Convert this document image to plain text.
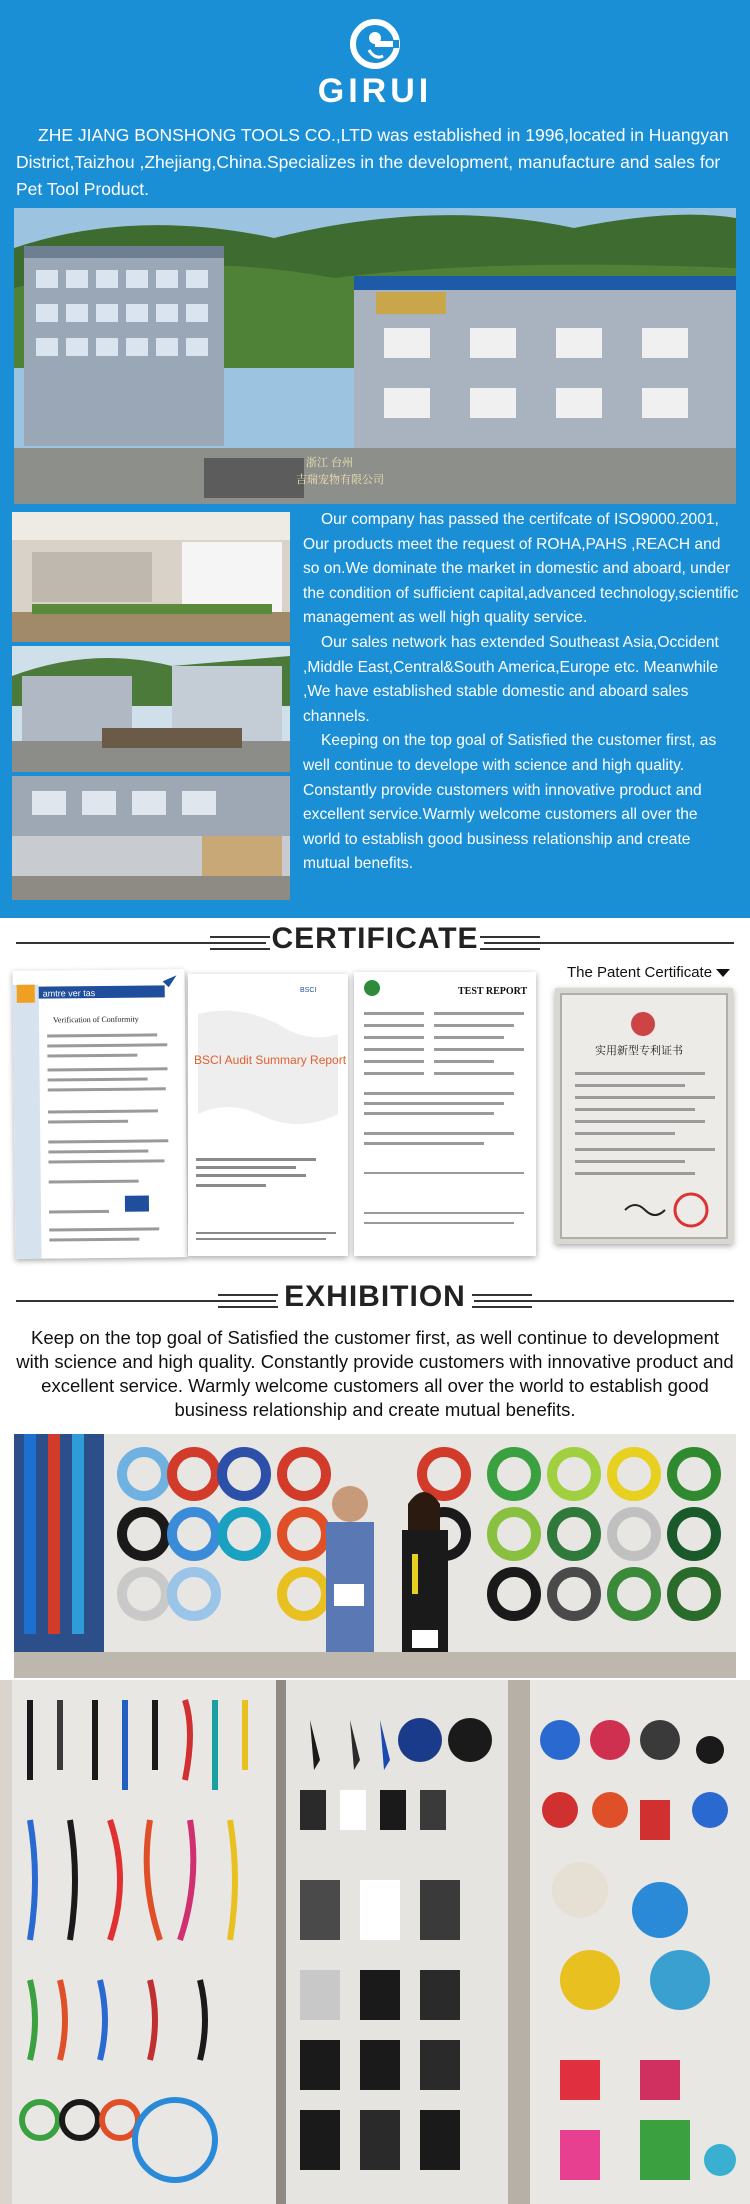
GIRUI

ZHE JIANG BONSHONG TOOLS CO.,LTD was established in 1996,located in Huangyan District,Taizhou ,Zhejiang,China.Specializes in the development, manufacture and sales for Pet Tool Product.

浙江 台州
吉瑞宠物有限公司

Our company has passed the certifcate of ISO9000.2001, Our products meet the request of ROHA,PAHS ,REACH and so on.We dominate the market in domestic and aboard, under the condition of sufficient capital,advanced technology,scientific management as well high quality service.

Our sales network has extended Southeast Asia,Occident ,Middle East,Central&South America,Europe etc. Meanwhile ,We have established stable domestic and aboard sales channels.

Keeping on the top goal of Satisfied the customer first, as well continue to develope with science and high quality. Constantly provide customers with innovative product and excellent service.Warmly welcome customers all over the world to establish good business relationship and create mutual benefits.

CERTIFICATE
The Patent Certificate
amtre ver tas
Verification of Conformity
BSCI
BSCI Audit Summary Report
TEST REPORT
实用新型专利证书
EXHIBITION

Keep on the top goal of Satisfied the customer first, as well continue to development with science and high quality. Constantly provide customers with innovative product and excellent service. Warmly welcome customers all over the world to establish good business relationship and create mutual benefits.
